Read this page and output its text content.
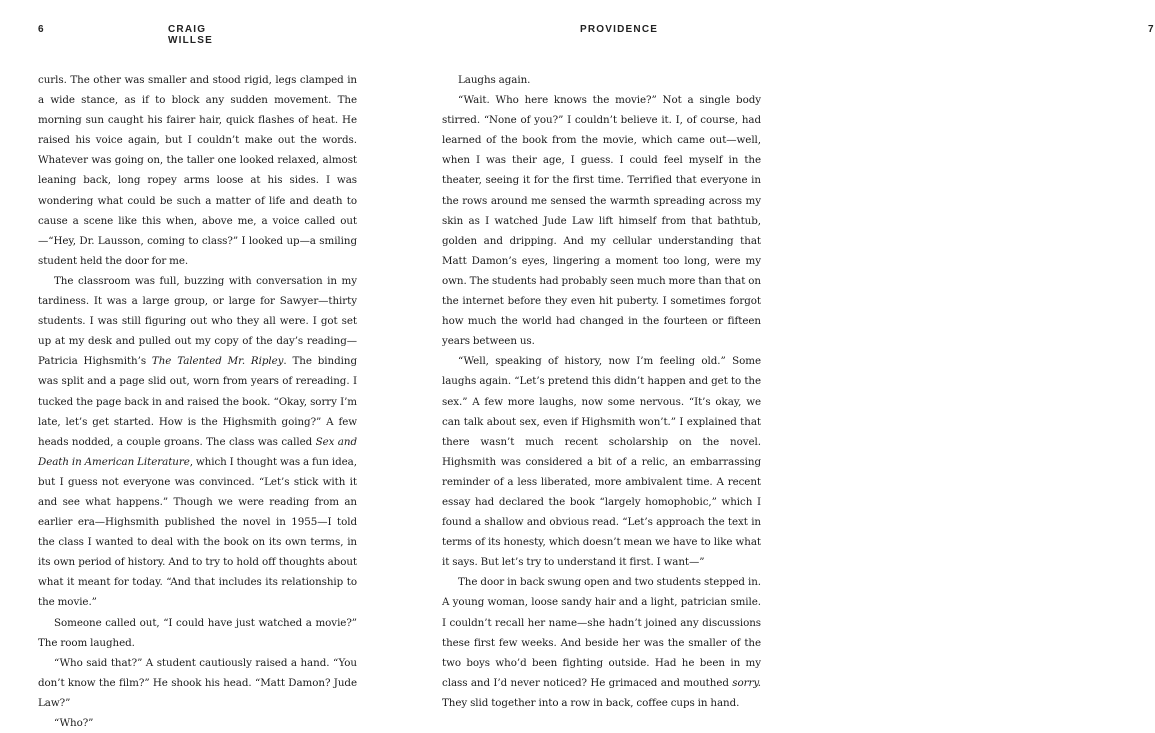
6	CRAIG WILLSE

curls. The other was smaller and stood rigid, legs clamped in a wide stance, as if to block any sudden movement. The morning sun caught his fairer hair, quick flashes of heat. He raised his voice again, but I couldn’t make out the words. Whatever was going on, the taller one looked relaxed, almost leaning back, long ropey arms loose at his sides. I was wondering what could be such a matter of life and death to cause a scene like this when, above me, a voice called out—“Hey, Dr. Lausson, coming to class?” I looked up—a smiling student held the door for me.

The classroom was full, buzzing with conversation in my tardiness. It was a large group, or large for Sawyer—thirty students. I was still figuring out who they all were. I got set up at my desk and pulled out my copy of the day’s reading—Patricia Highsmith’s The Talented Mr. Ripley. The binding was split and a page slid out, worn from years of rereading. I tucked the page back in and raised the book. “Okay, sorry I’m late, let’s get started. How is the Highsmith going?” A few heads nodded, a couple groans. The class was called Sex and Death in American Literature, which I thought was a fun idea, but I guess not everyone was convinced. “Let’s stick with it and see what happens.” Though we were reading from an earlier era—Highsmith published the novel in 1955—I told the class I wanted to deal with the book on its own terms, in its own period of history. And to try to hold off thoughts about what it meant for today. “And that includes its relationship to the movie.”

Someone called out, “I could have just watched a movie?” The room laughed.

“Who said that?” A student cautiously raised a hand. “You don’t know the film?” He shook his head. “Matt Damon? Jude Law?”

“Who?”

PROVIDENCE	7

Laughs again.

“Wait. Who here knows the movie?” Not a single body stirred. “None of you?” I couldn’t believe it. I, of course, had learned of the book from the movie, which came out—well, when I was their age, I guess. I could feel myself in the theater, seeing it for the first time. Terrified that everyone in the rows around me sensed the warmth spreading across my skin as I watched Jude Law lift himself from that bathtub, golden and dripping. And my cellular understanding that Matt Damon’s eyes, lingering a moment too long, were my own. The students had probably seen much more than that on the internet before they even hit puberty. I sometimes forgot how much the world had changed in the fourteen or fifteen years between us.

“Well, speaking of history, now I’m feeling old.” Some laughs again. “Let’s pretend this didn’t happen and get to the sex.” A few more laughs, now some nervous. “It’s okay, we can talk about sex, even if Highsmith won’t.” I explained that there wasn’t much recent scholarship on the novel. Highsmith was considered a bit of a relic, an embarrassing reminder of a less liberated, more ambivalent time. A recent essay had declared the book “largely homophobic,” which I found a shallow and obvious read. “Let’s approach the text in terms of its honesty, which doesn’t mean we have to like what it says. But let’s try to understand it first. I want—”

The door in back swung open and two students stepped in. A young woman, loose sandy hair and a light, patrician smile. I couldn’t recall her name—she hadn’t joined any discussions these first few weeks. And beside her was the smaller of the two boys who’d been fighting outside. Had he been in my class and I’d never noticed? He grimaced and mouthed sorry. They slid together into a row in back, coffee cups in hand.
